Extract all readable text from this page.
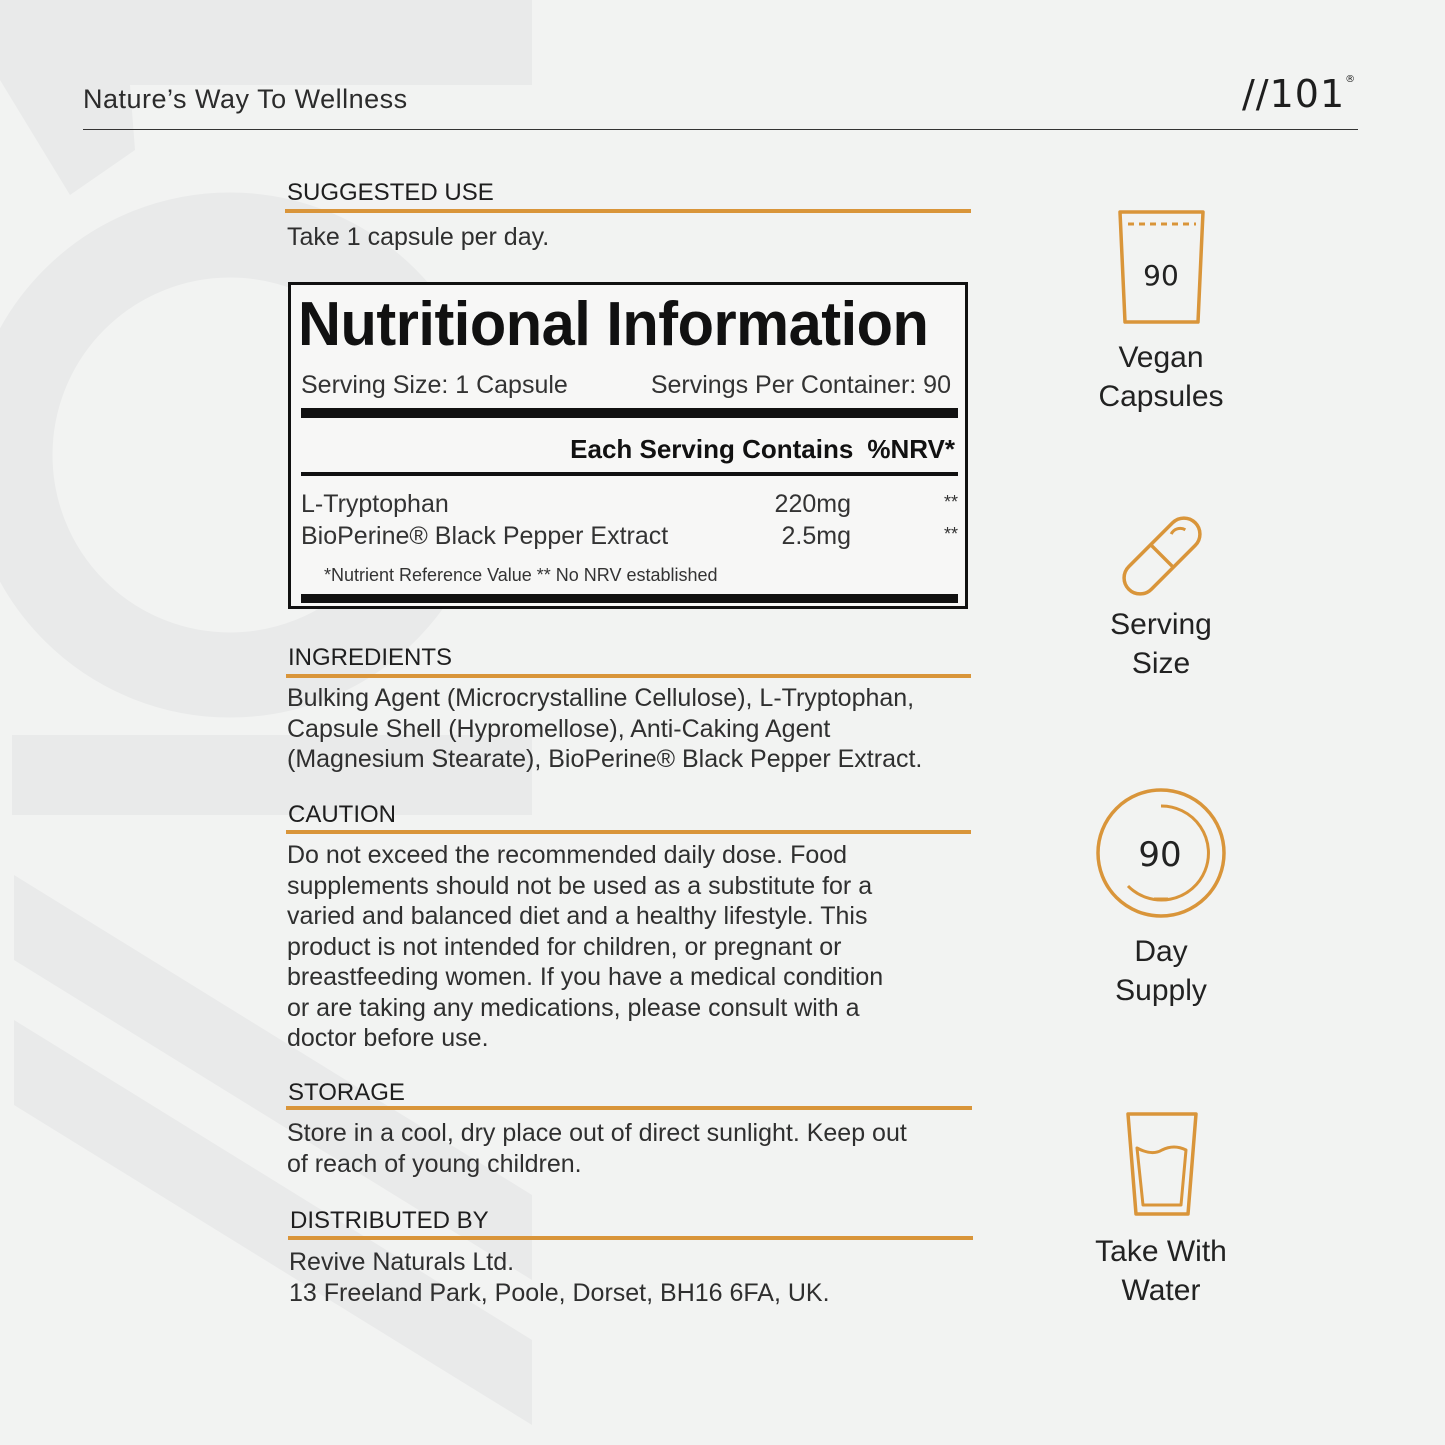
Nature’s Way To Wellness	//101®
SUGGESTED USE
Take 1 capsule per day.
Nutritional Information
Serving Size: 1 Capsule	Servings Per Container: 90
Each Serving Contains %NRV*
L-Tryptophan	220mg	**
BioPerine® Black Pepper Extract	2.5mg	**
*Nutrient Reference Value ** No NRV established
INGREDIENTS
Bulking Agent (Microcrystalline Cellulose), L-Tryptophan,
Capsule Shell (Hypromellose), Anti-Caking Agent
(Magnesium Stearate), BioPerine® Black Pepper Extract.
CAUTION
Do not exceed the recommended daily dose. Food
supplements should not be used as a substitute for a
varied and balanced diet and a healthy lifestyle. This
product is not intended for children, or pregnant or
breastfeeding women. If you have a medical condition
or are taking any medications, please consult with a
doctor before use.
STORAGE
Store in a cool, dry place out of direct sunlight. Keep out
of reach of young children.
DISTRIBUTED BY
Revive Naturals Ltd.
13 Freeland Park, Poole, Dorset, BH16 6FA, UK.
90
Vegan
Capsules
Serving
Size
90
Day
Supply
Take With
Water
